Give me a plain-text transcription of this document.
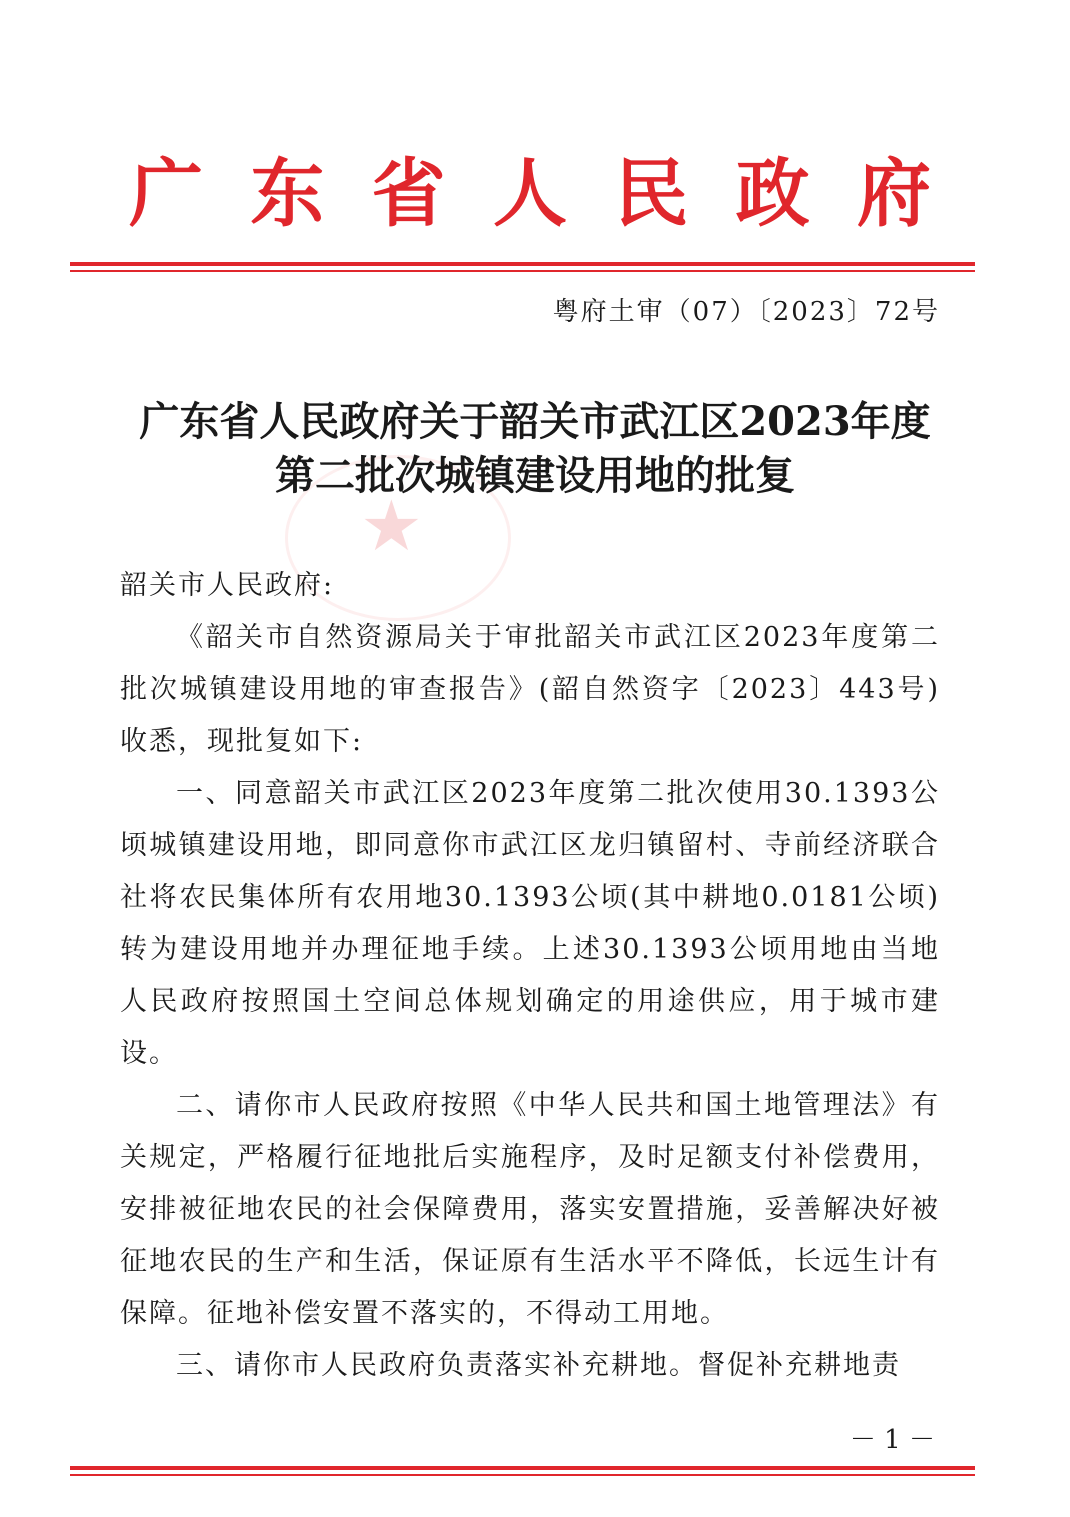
广 东 省 人 民 政 府
粤府土审（07）〔2023〕72号
★
广东省人民政府关于韶关市武江区2023年度
第二批次城镇建设用地的批复

韶关市人民政府:

《韶关市自然资源局关于审批韶关市武江区2023年度第二批次城镇建设用地的审查报告》(韶自然资字〔2023〕443号)收悉，现批复如下:

一、同意韶关市武江区2023年度第二批次使用30.1393公顷城镇建设用地，即同意你市武江区龙归镇留村、寺前经济联合社将农民集体所有农用地30.1393公顷(其中耕地0.0181公顷)转为建设用地并办理征地手续。上述30.1393公顷用地由当地人民政府按照国土空间总体规划确定的用途供应，用于城市建设。

二、请你市人民政府按照《中华人民共和国土地管理法》有关规定，严格履行征地批后实施程序，及时足额支付补偿费用，安排被征地农民的社会保障费用，落实安置措施，妥善解决好被征地农民的生产和生活，保证原有生活水平不降低，长远生计有保障。征地补偿安置不落实的，不得动工用地。

三、请你市人民政府负责落实补充耕地。督促补充耕地责

－ 1 －
